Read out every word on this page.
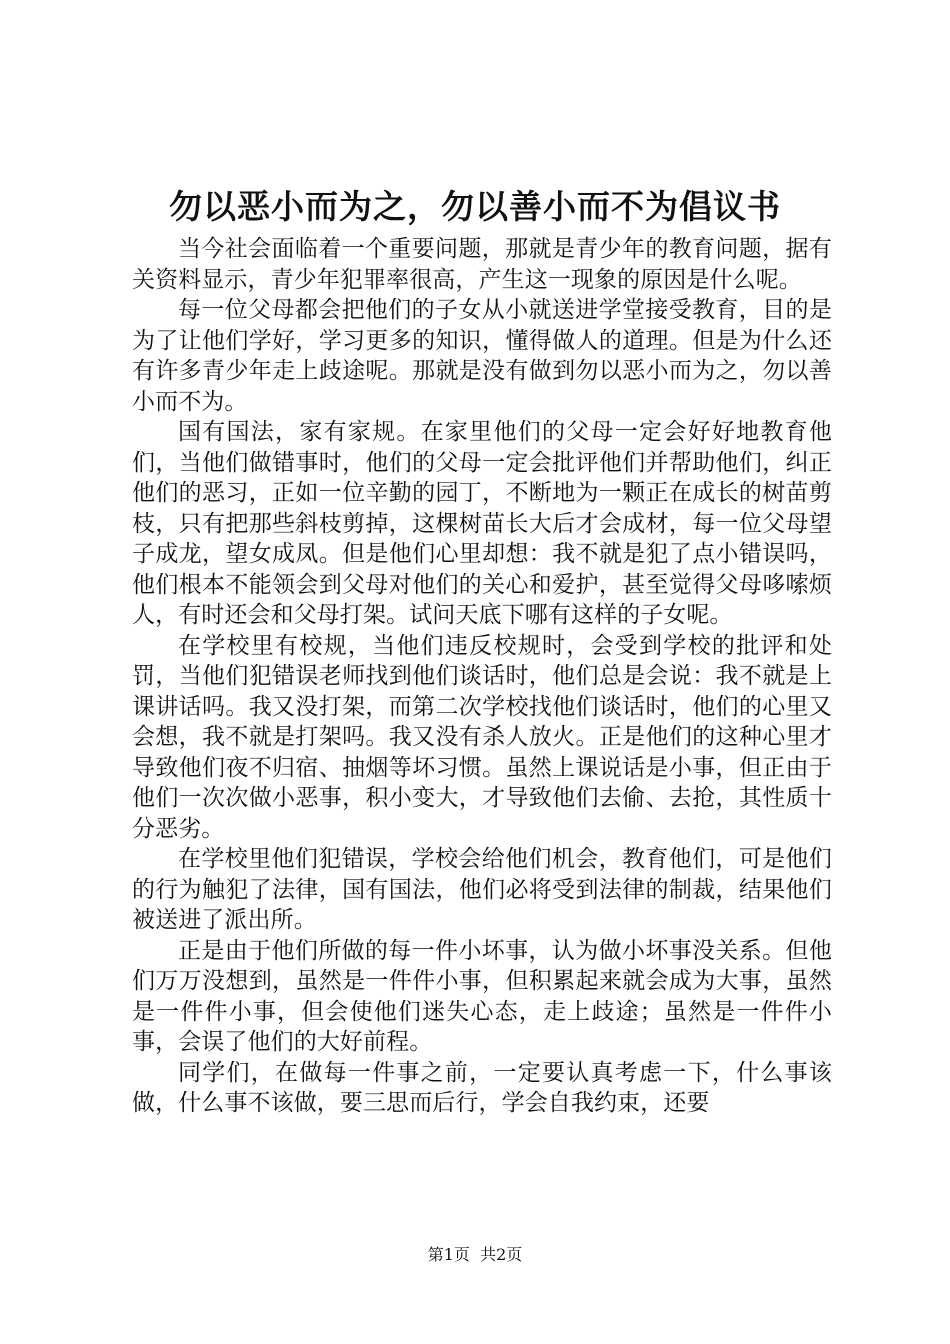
勿以恶小而为之，勿以善小而不为倡议书

当今社会面临着一个重要问题，那就是青少年的教育问题，据有关资料显示，青少年犯罪率很高，产生这一现象的原因是什么呢。

每一位父母都会把他们的子女从小就送进学堂接受教育，目的是为了让他们学好，学习更多的知识，懂得做人的道理。但是为什么还有许多青少年走上歧途呢。那就是没有做到勿以恶小而为之，勿以善小而不为。

国有国法，家有家规。在家里他们的父母一定会好好地教育他们，当他们做错事时，他们的父母一定会批评他们并帮助他们，纠正他们的恶习，正如一位辛勤的园丁，不断地为一颗正在成长的树苗剪枝，只有把那些斜枝剪掉，这棵树苗长大后才会成材，每一位父母望子成龙，望女成凤。但是他们心里却想：我不就是犯了点小错误吗，他们根本不能领会到父母对他们的关心和爱护，甚至觉得父母哆嗦烦人，有时还会和父母打架。试问天底下哪有这样的子女呢。

在学校里有校规，当他们违反校规时，会受到学校的批评和处罚，当他们犯错误老师找到他们谈话时，他们总是会说：我不就是上课讲话吗。我又没打架，而第二次学校找他们谈话时，他们的心里又会想，我不就是打架吗。我又没有杀人放火。正是他们的这种心里才导致他们夜不归宿、抽烟等坏习惯。虽然上课说话是小事，但正由于他们一次次做小恶事，积小变大，才导致他们去偷、去抢，其性质十分恶劣。

在学校里他们犯错误，学校会给他们机会，教育他们，可是他们的行为触犯了法律，国有国法，他们必将受到法律的制裁，结果他们被送进了派出所。

正是由于他们所做的每一件小坏事，认为做小坏事没关系。但他们万万没想到，虽然是一件件小事，但积累起来就会成为大事，虽然是一件件小事，但会使他们迷失心态，走上歧途；虽然是一件件小事，会误了他们的大好前程。

同学们，在做每一件事之前，一定要认真考虑一下，什么事该做，什么事不该做，要三思而后行，学会自我约束，还要

第1页 共2页
